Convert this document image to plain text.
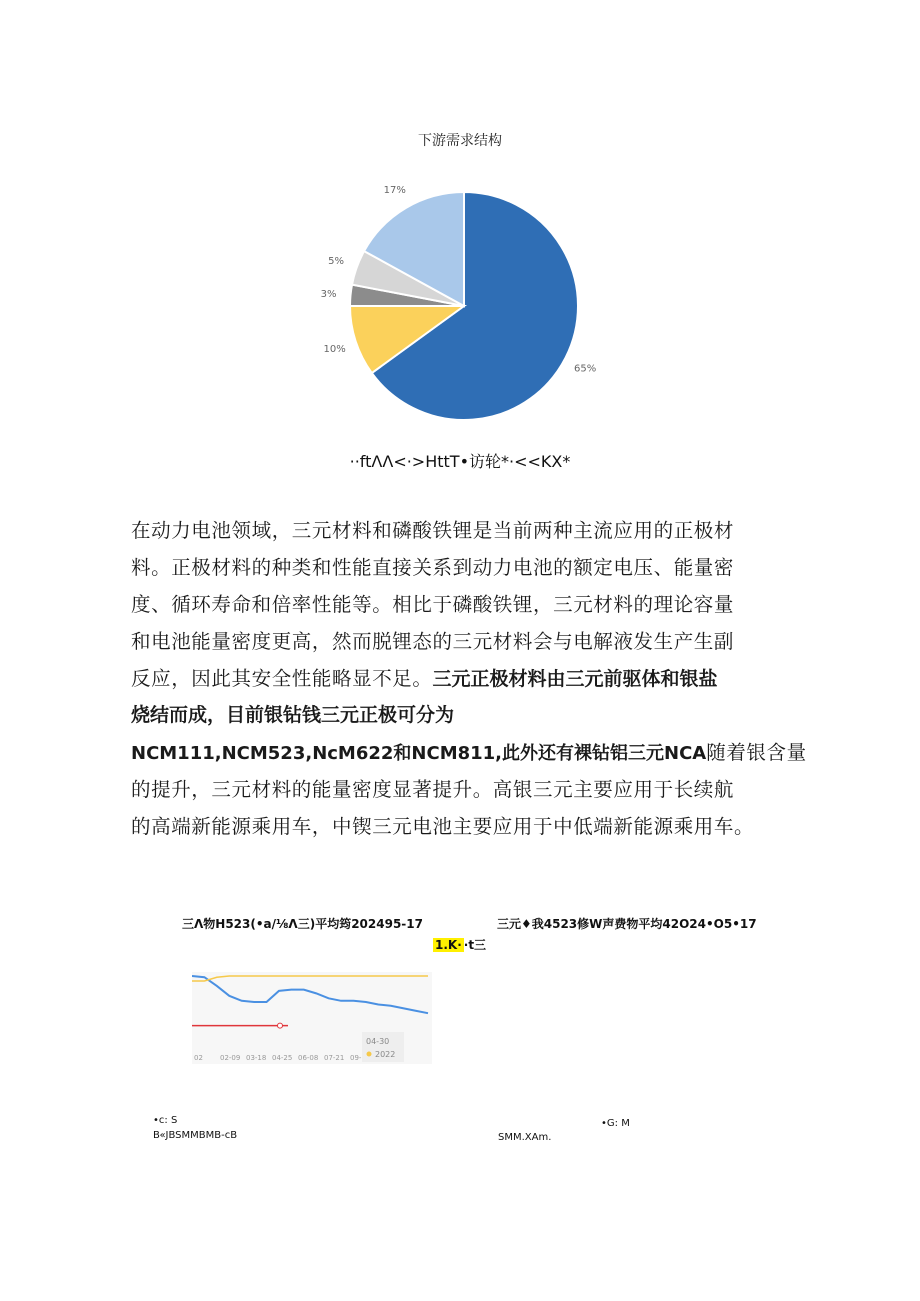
下游需求结构
65%
10%
3%
5%
17%
··ftΛΛ<·>HttT•访轮*·<<KX*
在动力电池领域，三元材料和磷酸铁锂是当前两种主流应用的正极材
料。正极材料的种类和性能直接关系到动力电池的额定电压、能量密
度、循环寿命和倍率性能等。相比于磷酸铁锂，三元材料的理论容量
和电池能量密度更高，然而脱锂态的三元材料会与电解液发生产生副
反应，因此其安全性能略显不足。三元正极材料由三元前驱体和银盐
烧结而成，目前银钻钱三元正极可分为
NCM111,NCM523,NcM622和NCM811,此外还有裸钻铝三元NCA随着银含量
的提升，三元材料的能量密度显著提升。高银三元主要应用于长续航
的高端新能源乘用车，中锲三元电池主要应用于中低端新能源乘用车。
三Λ物H523(•a/⅛Λ三)平均筠202495-17	三元♦我4523修W声费物平均42O24•O5•17
1.K· ·t三
02 02-09 03-18 04-25 06-08 07-21 09-
04-30
2022
•c: S
B«JBSMMBMB-cB
•G: M
SMM.XAm.
